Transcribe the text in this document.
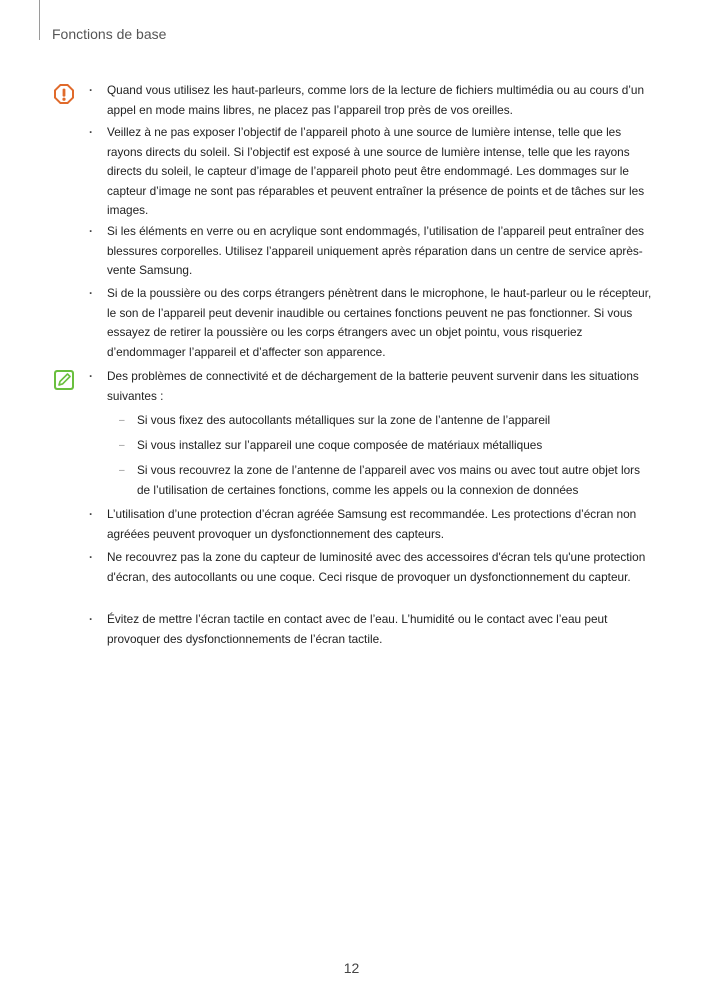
Fonctions de base
· Quand vous utilisez les haut-parleurs, comme lors de la lecture de fichiers multimédia ou au cours d’un appel en mode mains libres, ne placez pas l’appareil trop près de vos oreilles.
· Veillez à ne pas exposer l’objectif de l’appareil photo à une source de lumière intense, telle que les rayons directs du soleil. Si l’objectif est exposé à une source de lumière intense, telle que les rayons directs du soleil, le capteur d’image de l’appareil photo peut être endommagé. Les dommages sur le capteur d’image ne sont pas réparables et peuvent entraîner la présence de points et de tâches sur les images.
· Si les éléments en verre ou en acrylique sont endommagés, l’utilisation de l’appareil peut entraîner des blessures corporelles. Utilisez l’appareil uniquement après réparation dans un centre de service après-vente Samsung.
· Si de la poussière ou des corps étrangers pénètrent dans le microphone, le haut-parleur ou le récepteur, le son de l’appareil peut devenir inaudible ou certaines fonctions peuvent ne pas fonctionner. Si vous essayez de retirer la poussière ou les corps étrangers avec un objet pointu, vous risqueriez d’endommager l’appareil et d’affecter son apparence.
· Des problèmes de connectivité et de déchargement de la batterie peuvent survenir dans les situations suivantes :
– Si vous fixez des autocollants métalliques sur la zone de l’antenne de l’appareil
– Si vous installez sur l’appareil une coque composée de matériaux métalliques
– Si vous recouvrez la zone de l’antenne de l’appareil avec vos mains ou avec tout autre objet lors de l’utilisation de certaines fonctions, comme les appels ou la connexion de données
· L’utilisation d’une protection d’écran agréée Samsung est recommandée. Les protections d’écran non agréées peuvent provoquer un dysfonctionnement des capteurs.
· Ne recouvrez pas la zone du capteur de luminosité avec des accessoires d'écran tels qu'une protection d'écran, des autocollants ou une coque. Ceci risque de provoquer un dysfonctionnement du capteur.
· Évitez de mettre l’écran tactile en contact avec de l’eau. L’humidité ou le contact avec l’eau peut provoquer des dysfonctionnements de l’écran tactile.
12
